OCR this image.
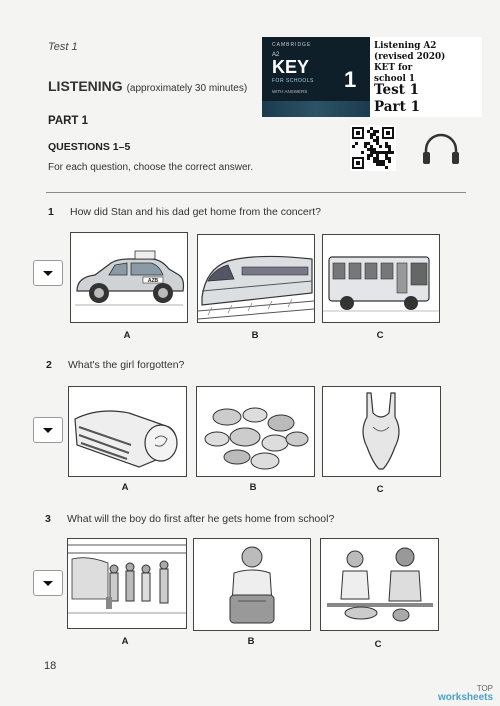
Test 1
LISTENING (approximately 30 minutes)
PART 1
QUESTIONS 1–5
For each question, choose the correct answer.
CAMBRIDGE
A2
KEY
FOR SCHOOLS 1
WITH ANSWERS
Listening A2
(revised 2020)
KET for
school 1
Test 1
Part 1
1 How did Stan and his dad get home from the concert?
AZB
A	B	C
2 What's the girl forgotten?
A	B	C
3 What will the boy do first after he gets home from school?
A	B	C
18
TOP
worksheets
